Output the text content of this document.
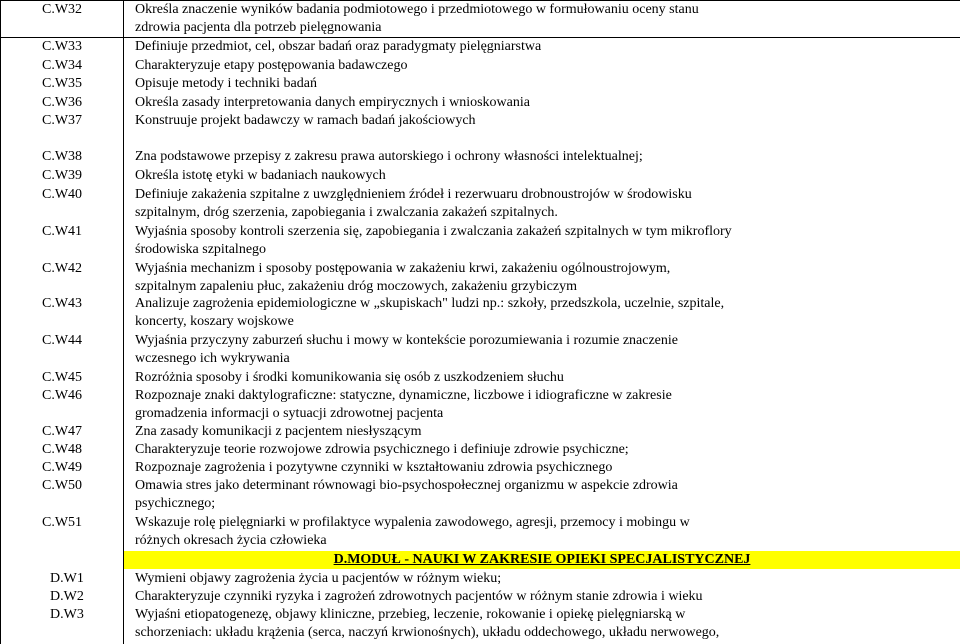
C.W32	Określa znaczenie wyników badania podmiotowego i przedmiotowego w formułowaniu oceny stanu
zdrowia pacjenta dla potrzeb pielęgnowania
C.W33	Definiuje przedmiot, cel, obszar badań oraz paradygmaty pielęgniarstwa
C.W34	Charakteryzuje etapy postępowania badawczego
C.W35	Opisuje metody i techniki badań
C.W36	Określa zasady interpretowania danych empirycznych i wnioskowania
C.W37	Konstruuje projekt badawczy w ramach badań jakościowych
C.W38	Zna podstawowe przepisy z zakresu prawa autorskiego i ochrony własności intelektualnej;
C.W39	Określa istotę etyki w badaniach naukowych
C.W40	Definiuje zakażenia szpitalne z uwzględnieniem źródeł i rezerwuaru drobnoustrojów w środowisku
szpitalnym, dróg szerzenia, zapobiegania i zwalczania zakażeń szpitalnych.
C.W41	Wyjaśnia sposoby kontroli szerzenia się, zapobiegania i zwalczania zakażeń szpitalnych w tym mikroflory
środowiska szpitalnego
C.W42	Wyjaśnia mechanizm i sposoby postępowania w zakażeniu krwi, zakażeniu ogólnoustrojowym,
szpitalnym zapaleniu płuc, zakażeniu dróg moczowych, zakażeniu grzybiczym
C.W43	Analizuje zagrożenia epidemiologiczne w „skupiskach" ludzi np.: szkoły, przedszkola, uczelnie, szpitale,
koncerty, koszary wojskowe
C.W44	Wyjaśnia przyczyny zaburzeń słuchu i mowy w kontekście porozumiewania i rozumie znaczenie
wczesnego ich wykrywania
C.W45	Rozróżnia sposoby i środki komunikowania się osób z uszkodzeniem słuchu
C.W46	Rozpoznaje znaki daktylograficzne: statyczne, dynamiczne, liczbowe i idiograficzne w zakresie
gromadzenia informacji o sytuacji zdrowotnej pacjenta
C.W47	Zna zasady komunikacji z pacjentem niesłyszącym
C.W48	Charakteryzuje teorie rozwojowe zdrowia psychicznego i definiuje zdrowie psychiczne;
C.W49	Rozpoznaje zagrożenia i pozytywne czynniki w kształtowaniu zdrowia psychicznego
C.W50	Omawia stres jako determinant równowagi bio-psychospołecznej organizmu w aspekcie zdrowia
psychicznego;
C.W51	Wskazuje rolę pielęgniarki w profilaktyce wypalenia zawodowego, agresji, przemocy i mobingu w
różnych okresach życia człowieka
D.MODUŁ - NAUKI W ZAKRESIE OPIEKI SPECJALISTYCZNEJ
D.W1	Wymieni objawy zagrożenia życia u pacjentów w różnym wieku;
D.W2	Charakteryzuje czynniki ryzyka i zagrożeń zdrowotnych pacjentów w różnym stanie zdrowia i wieku
D.W3	Wyjaśni etiopatogenezę, objawy kliniczne, przebieg, leczenie, rokowanie i opiekę pielęgniarską w
schorzeniach: układu krążenia (serca, naczyń krwionośnych), układu oddechowego, układu nerwowego,
